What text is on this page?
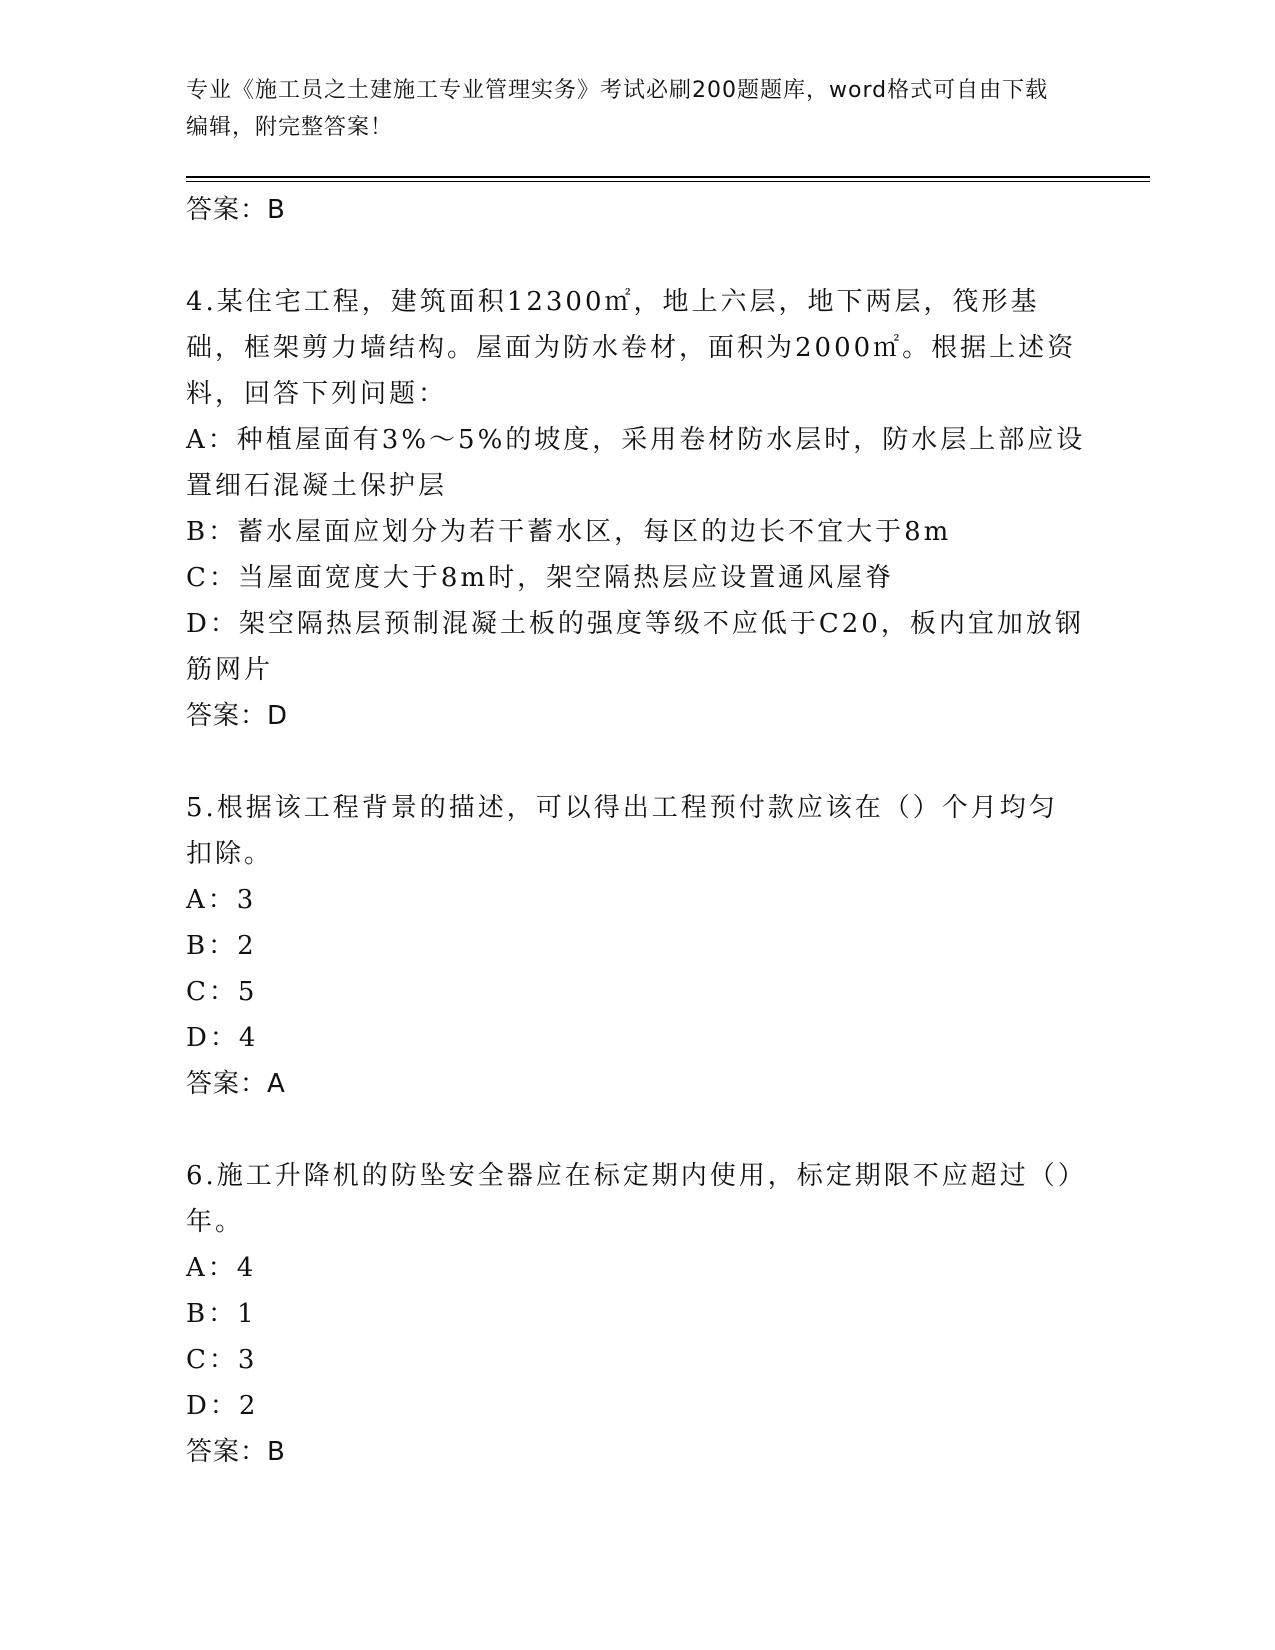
专业《施工员之土建施工专业管理实务》考试必刷200题题库，word格式可自由下载编辑，附完整答案！
答案：B
4.某住宅工程，建筑面积12300㎡，地上六层，地下两层，筏形基础，框架剪力墙结构。屋面为防水卷材，面积为2000㎡。根据上述资料，回答下列问题：
A：种植屋面有3%～5%的坡度，采用卷材防水层时，防水层上部应设置细石混凝土保护层
B：蓄水屋面应划分为若干蓄水区，每区的边长不宜大于8m
C：当屋面宽度大于8m时，架空隔热层应设置通风屋脊
D：架空隔热层预制混凝土板的强度等级不应低于C20，板内宜加放钢筋网片
答案：D
5.根据该工程背景的描述，可以得出工程预付款应该在（）个月均匀扣除。
A：3
B：2
C：5
D：4
答案：A
6.施工升降机的防坠安全器应在标定期内使用，标定期限不应超过（）年。
A：4
B：1
C：3
D：2
答案：B
